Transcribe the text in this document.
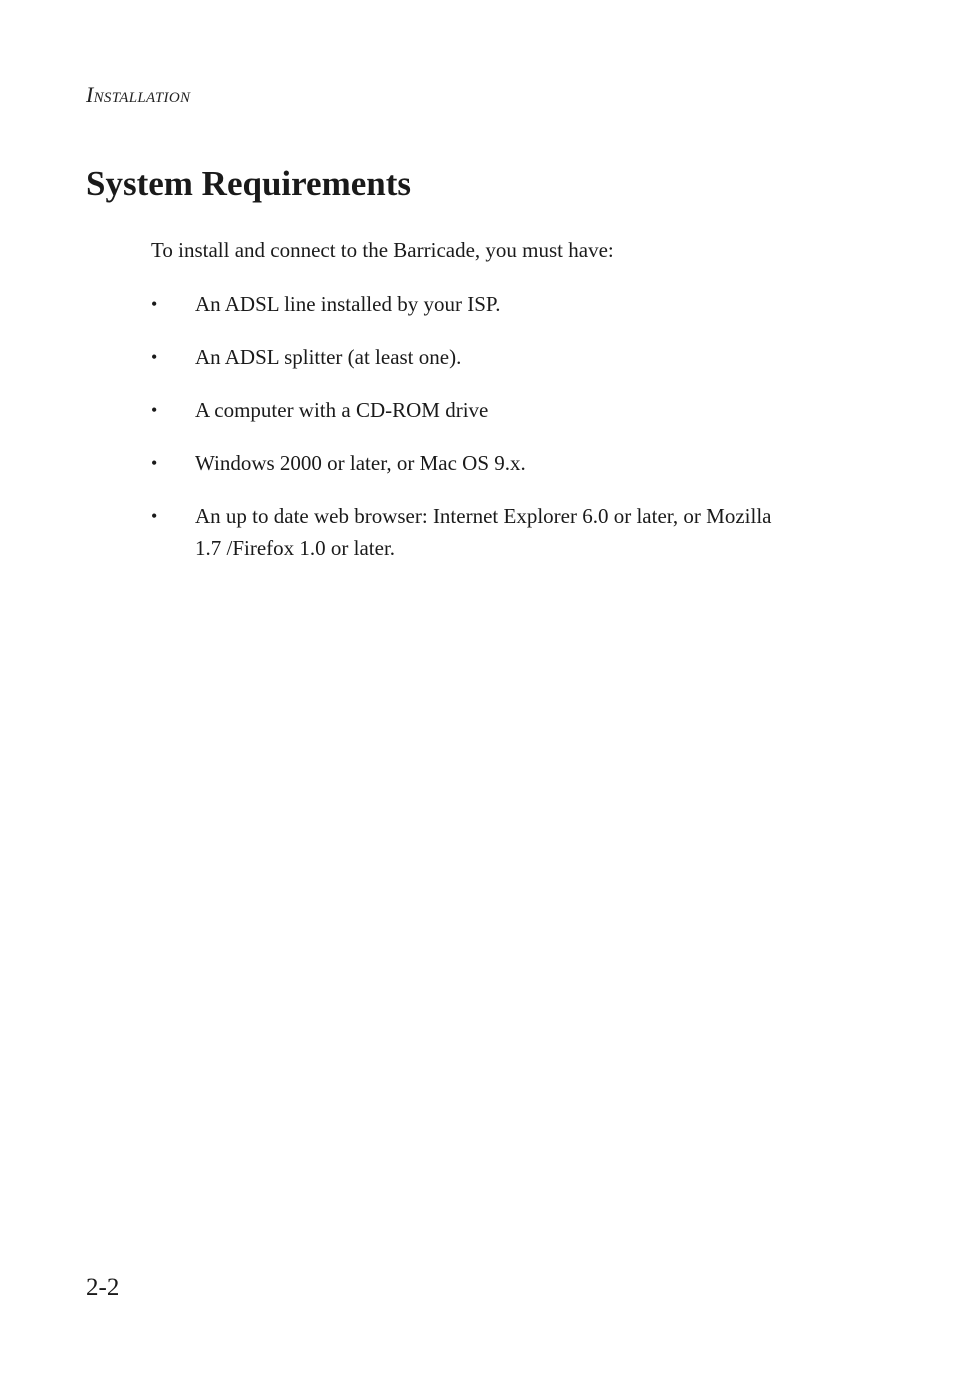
Installation
System Requirements

To install and connect to the Barricade, you must have:

•	An ADSL line installed by your ISP.
•	An ADSL splitter (at least one).
•	A computer with a CD-ROM drive
•	Windows 2000 or later, or Mac OS 9.x.
•	An up to date web browser: Internet Explorer 6.0 or later, or Mozilla 1.7 /Firefox 1.0 or later.
2-2
